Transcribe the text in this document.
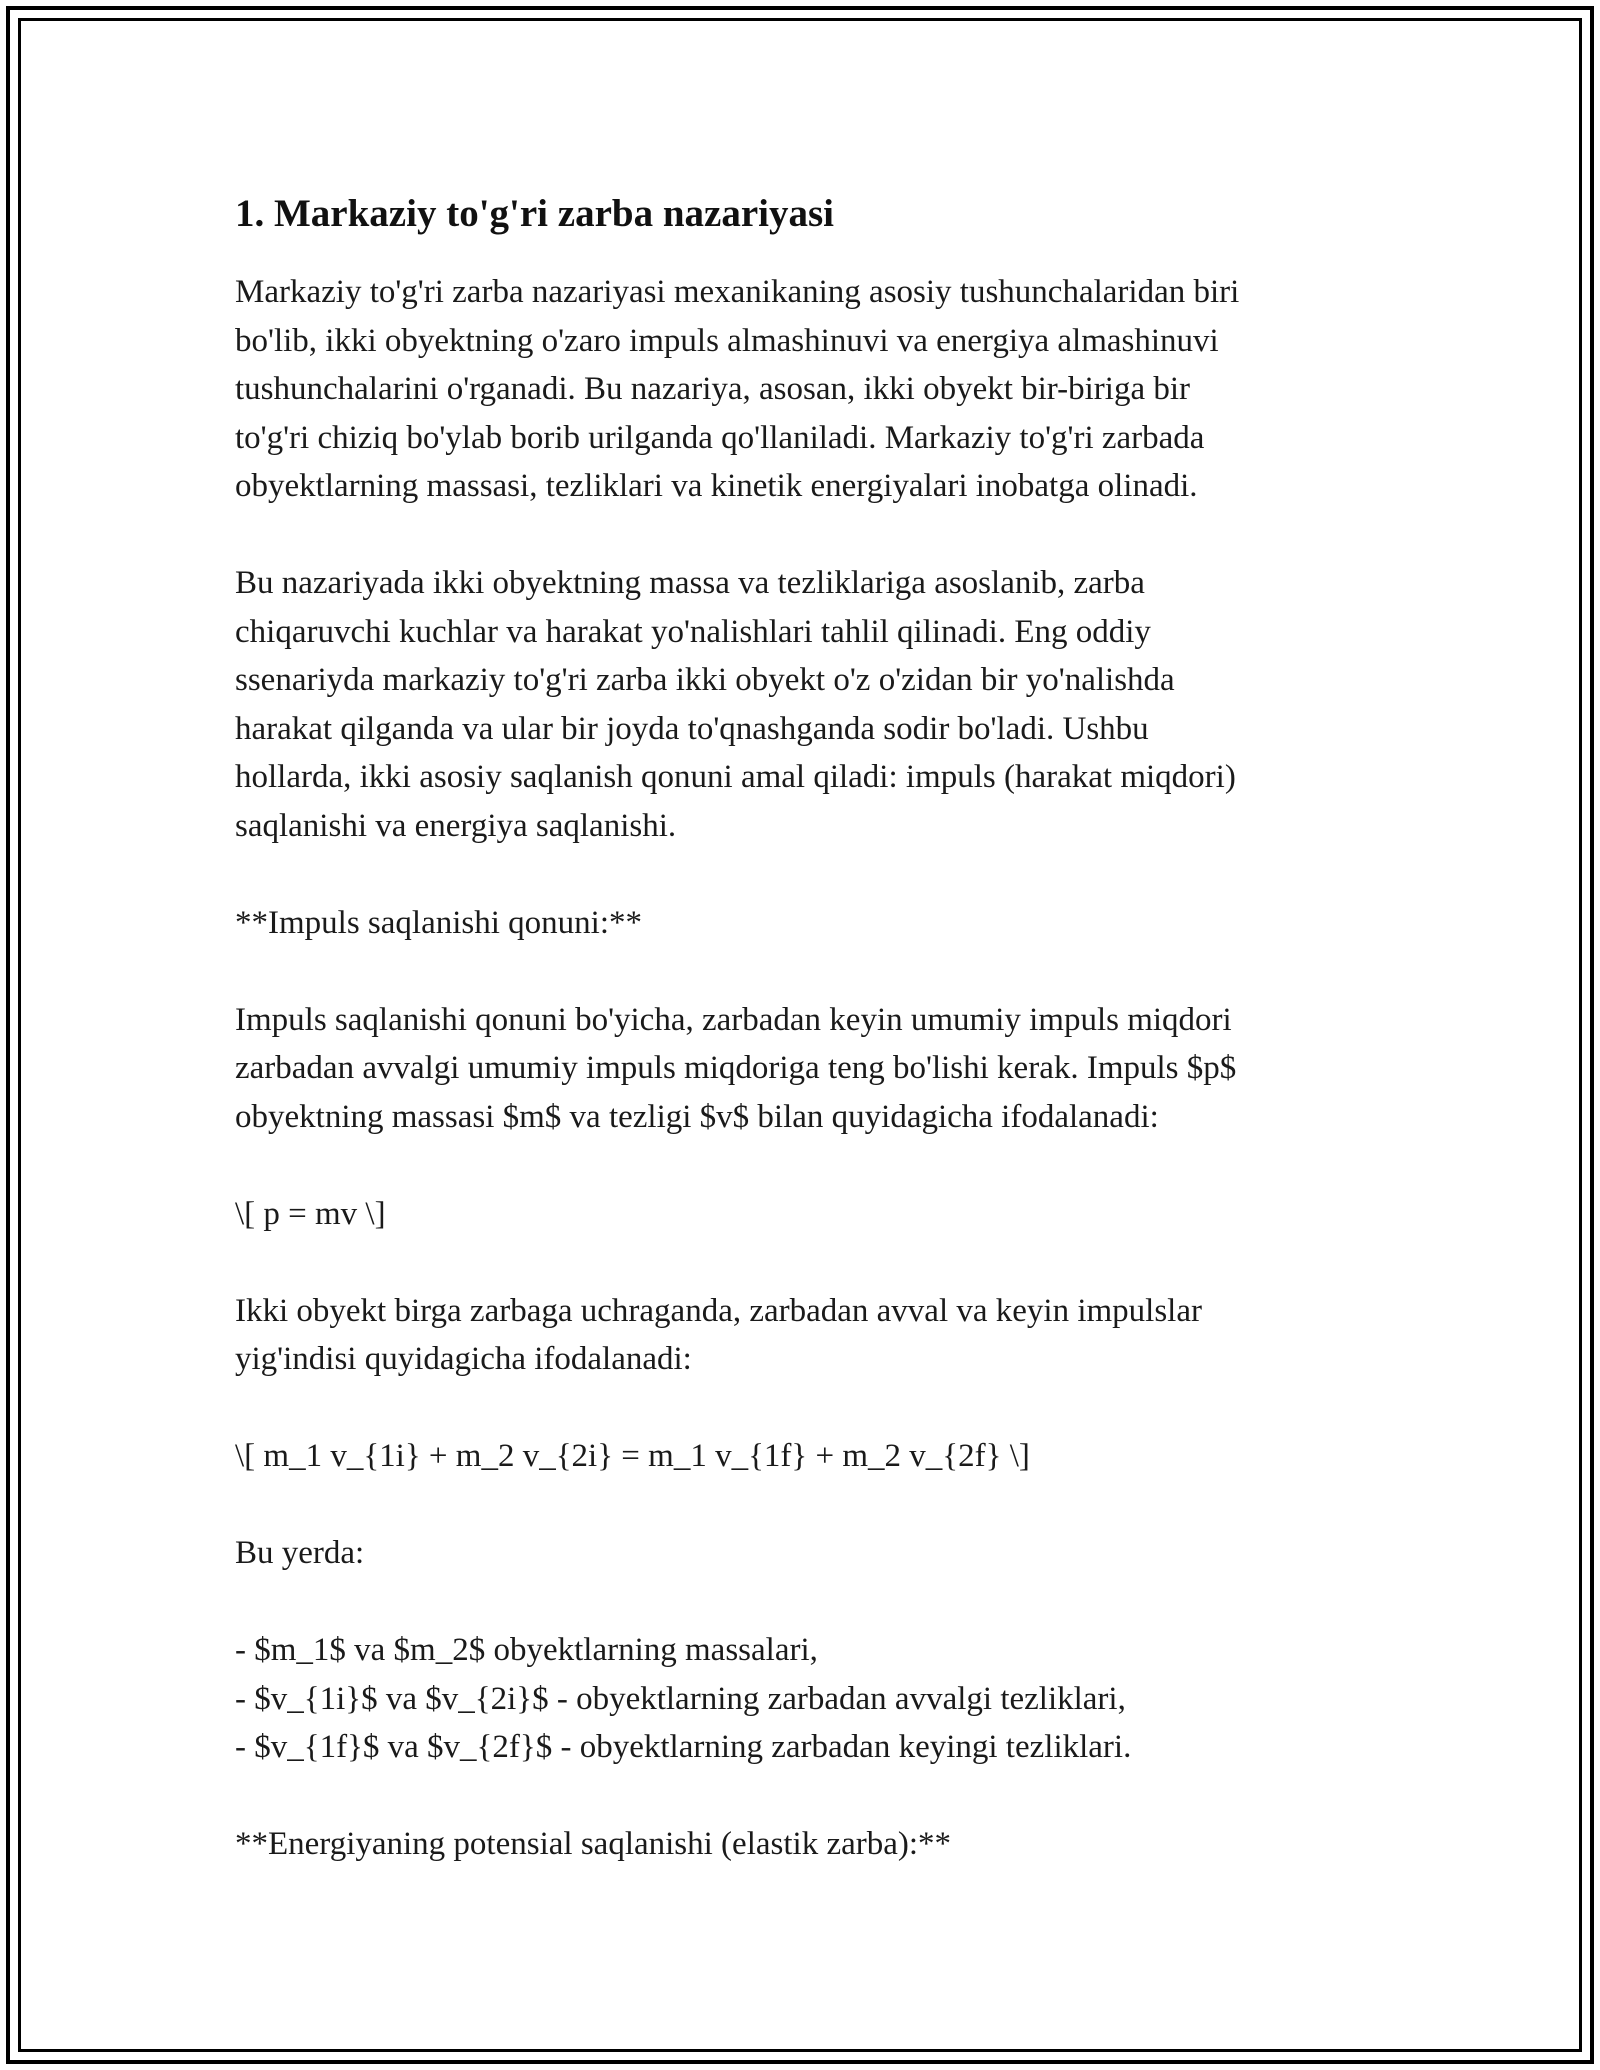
1. Markaziy to'g'ri zarba nazariyasi

Markaziy to'g'ri zarba nazariyasi mexanikaning asosiy tushunchalaridan biri
bo'lib, ikki obyektning o'zaro impuls almashinuvi va energiya almashinuvi
tushunchalarini o'rganadi. Bu nazariya, asosan, ikki obyekt bir-biriga bir
to'g'ri chiziq bo'ylab borib urilganda qo'llaniladi. Markaziy to'g'ri zarbada
obyektlarning massasi, tezliklari va kinetik energiyalari inobatga olinadi.

Bu nazariyada ikki obyektning massa va tezliklariga asoslanib, zarba
chiqaruvchi kuchlar va harakat yo'nalishlari tahlil qilinadi. Eng oddiy
ssenariyda markaziy to'g'ri zarba ikki obyekt o'z o'zidan bir yo'nalishda
harakat qilganda va ular bir joyda to'qnashganda sodir bo'ladi. Ushbu
hollarda, ikki asosiy saqlanish qonuni amal qiladi: impuls (harakat miqdori)
saqlanishi va energiya saqlanishi.

**Impuls saqlanishi qonuni:**

Impuls saqlanishi qonuni bo'yicha, zarbadan keyin umumiy impuls miqdori
zarbadan avvalgi umumiy impuls miqdoriga teng bo'lishi kerak. Impuls $p$
obyektning massasi $m$ va tezligi $v$ bilan quyidagicha ifodalanadi:

\[ p = mv \]

Ikki obyekt birga zarbaga uchraganda, zarbadan avval va keyin impulslar
yig'indisi quyidagicha ifodalanadi:

\[ m_1 v_{1i} + m_2 v_{2i} = m_1 v_{1f} + m_2 v_{2f} \]

Bu yerda:

- $m_1$ va $m_2$ obyektlarning massalari,
- $v_{1i}$ va $v_{2i}$ - obyektlarning zarbadan avvalgi tezliklari,
- $v_{1f}$ va $v_{2f}$ - obyektlarning zarbadan keyingi tezliklari.

**Energiyaning potensial saqlanishi (elastik zarba):**
